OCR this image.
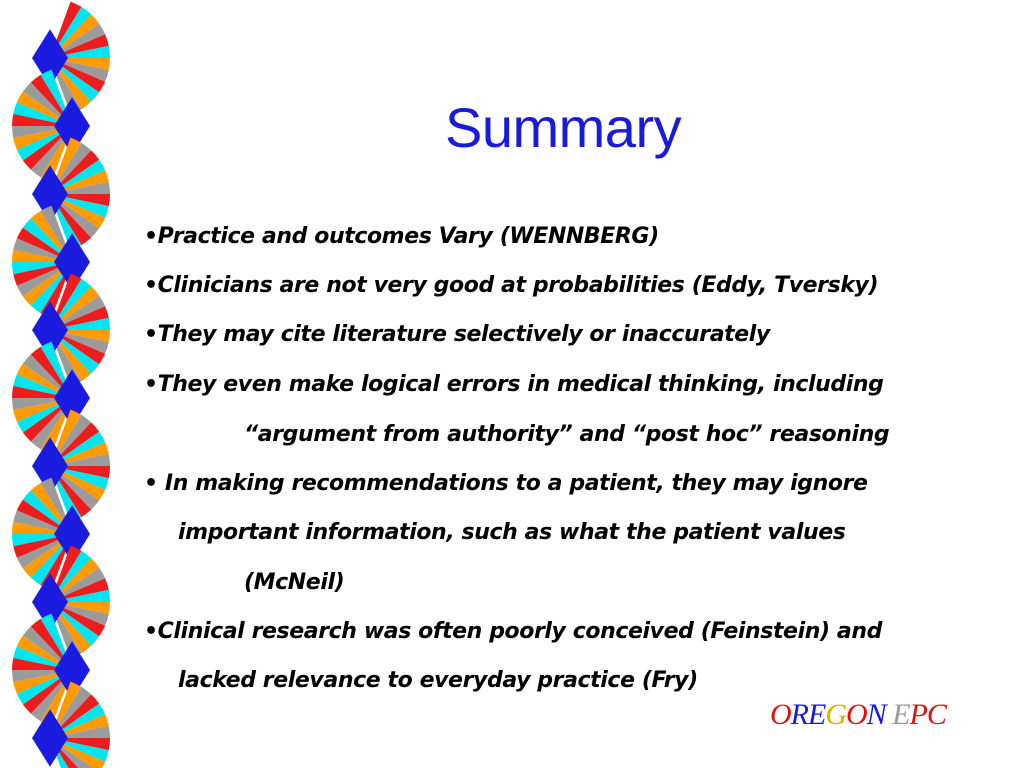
Summary
•Practice and outcomes Vary (WENNBERG)
•Clinicians are not very good at probabilities (Eddy, Tversky)
•They may cite literature selectively or inaccurately
•They even make logical errors in medical thinking, including
“argument from authority” and “post hoc” reasoning
• In making recommendations to a patient, they may ignore
important information, such as what the patient values
(McNeil)
•Clinical research was often poorly conceived (Feinstein) and
lacked relevance to everyday practice (Fry)
OREGON EPC
